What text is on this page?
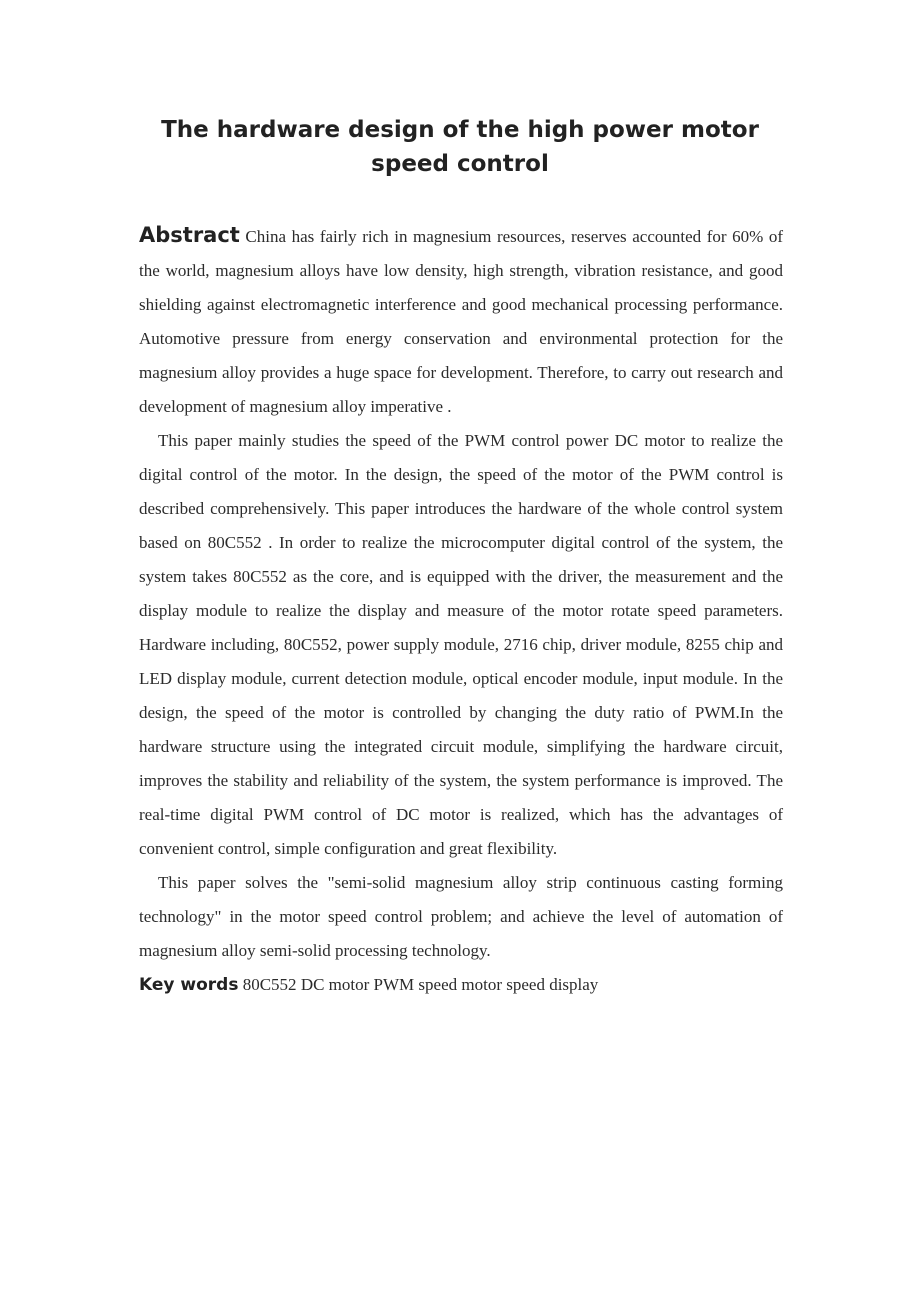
The hardware design of the high power motor speed control

Abstract China has fairly rich in magnesium resources, reserves accounted for 60% of the world, magnesium alloys have low density, high strength, vibration resistance, and good shielding against electromagnetic interference and good mechanical processing performance. Automotive pressure from energy conservation and environmental protection for the magnesium alloy provides a huge space for development. Therefore, to carry out research and development of magnesium alloy imperative .

This paper mainly studies the speed of the PWM control power DC motor to realize the digital control of the motor. In the design, the speed of the motor of the PWM control is described comprehensively. This paper introduces the hardware of the whole control system based on 80C552 . In order to realize the microcomputer digital control of the system, the system takes 80C552 as the core, and is equipped with the driver, the measurement and the display module to realize the display and measure of the motor rotate speed parameters. Hardware including, 80C552, power supply module, 2716 chip, driver module, 8255 chip and LED display module, current detection module, optical encoder module, input module. In the design, the speed of the motor is controlled by changing the duty ratio of PWM.In the hardware structure using the integrated circuit module, simplifying the hardware circuit, improves the stability and reliability of the system, the system performance is improved. The real-time digital PWM control of DC motor is realized, which has the advantages of convenient control, simple configuration and great flexibility.

This paper solves the "semi-solid magnesium alloy strip continuous casting forming technology" in the motor speed control problem; and achieve the level of automation of magnesium alloy semi-solid processing technology.

Key words 80C552 DC motor PWM speed motor speed display
